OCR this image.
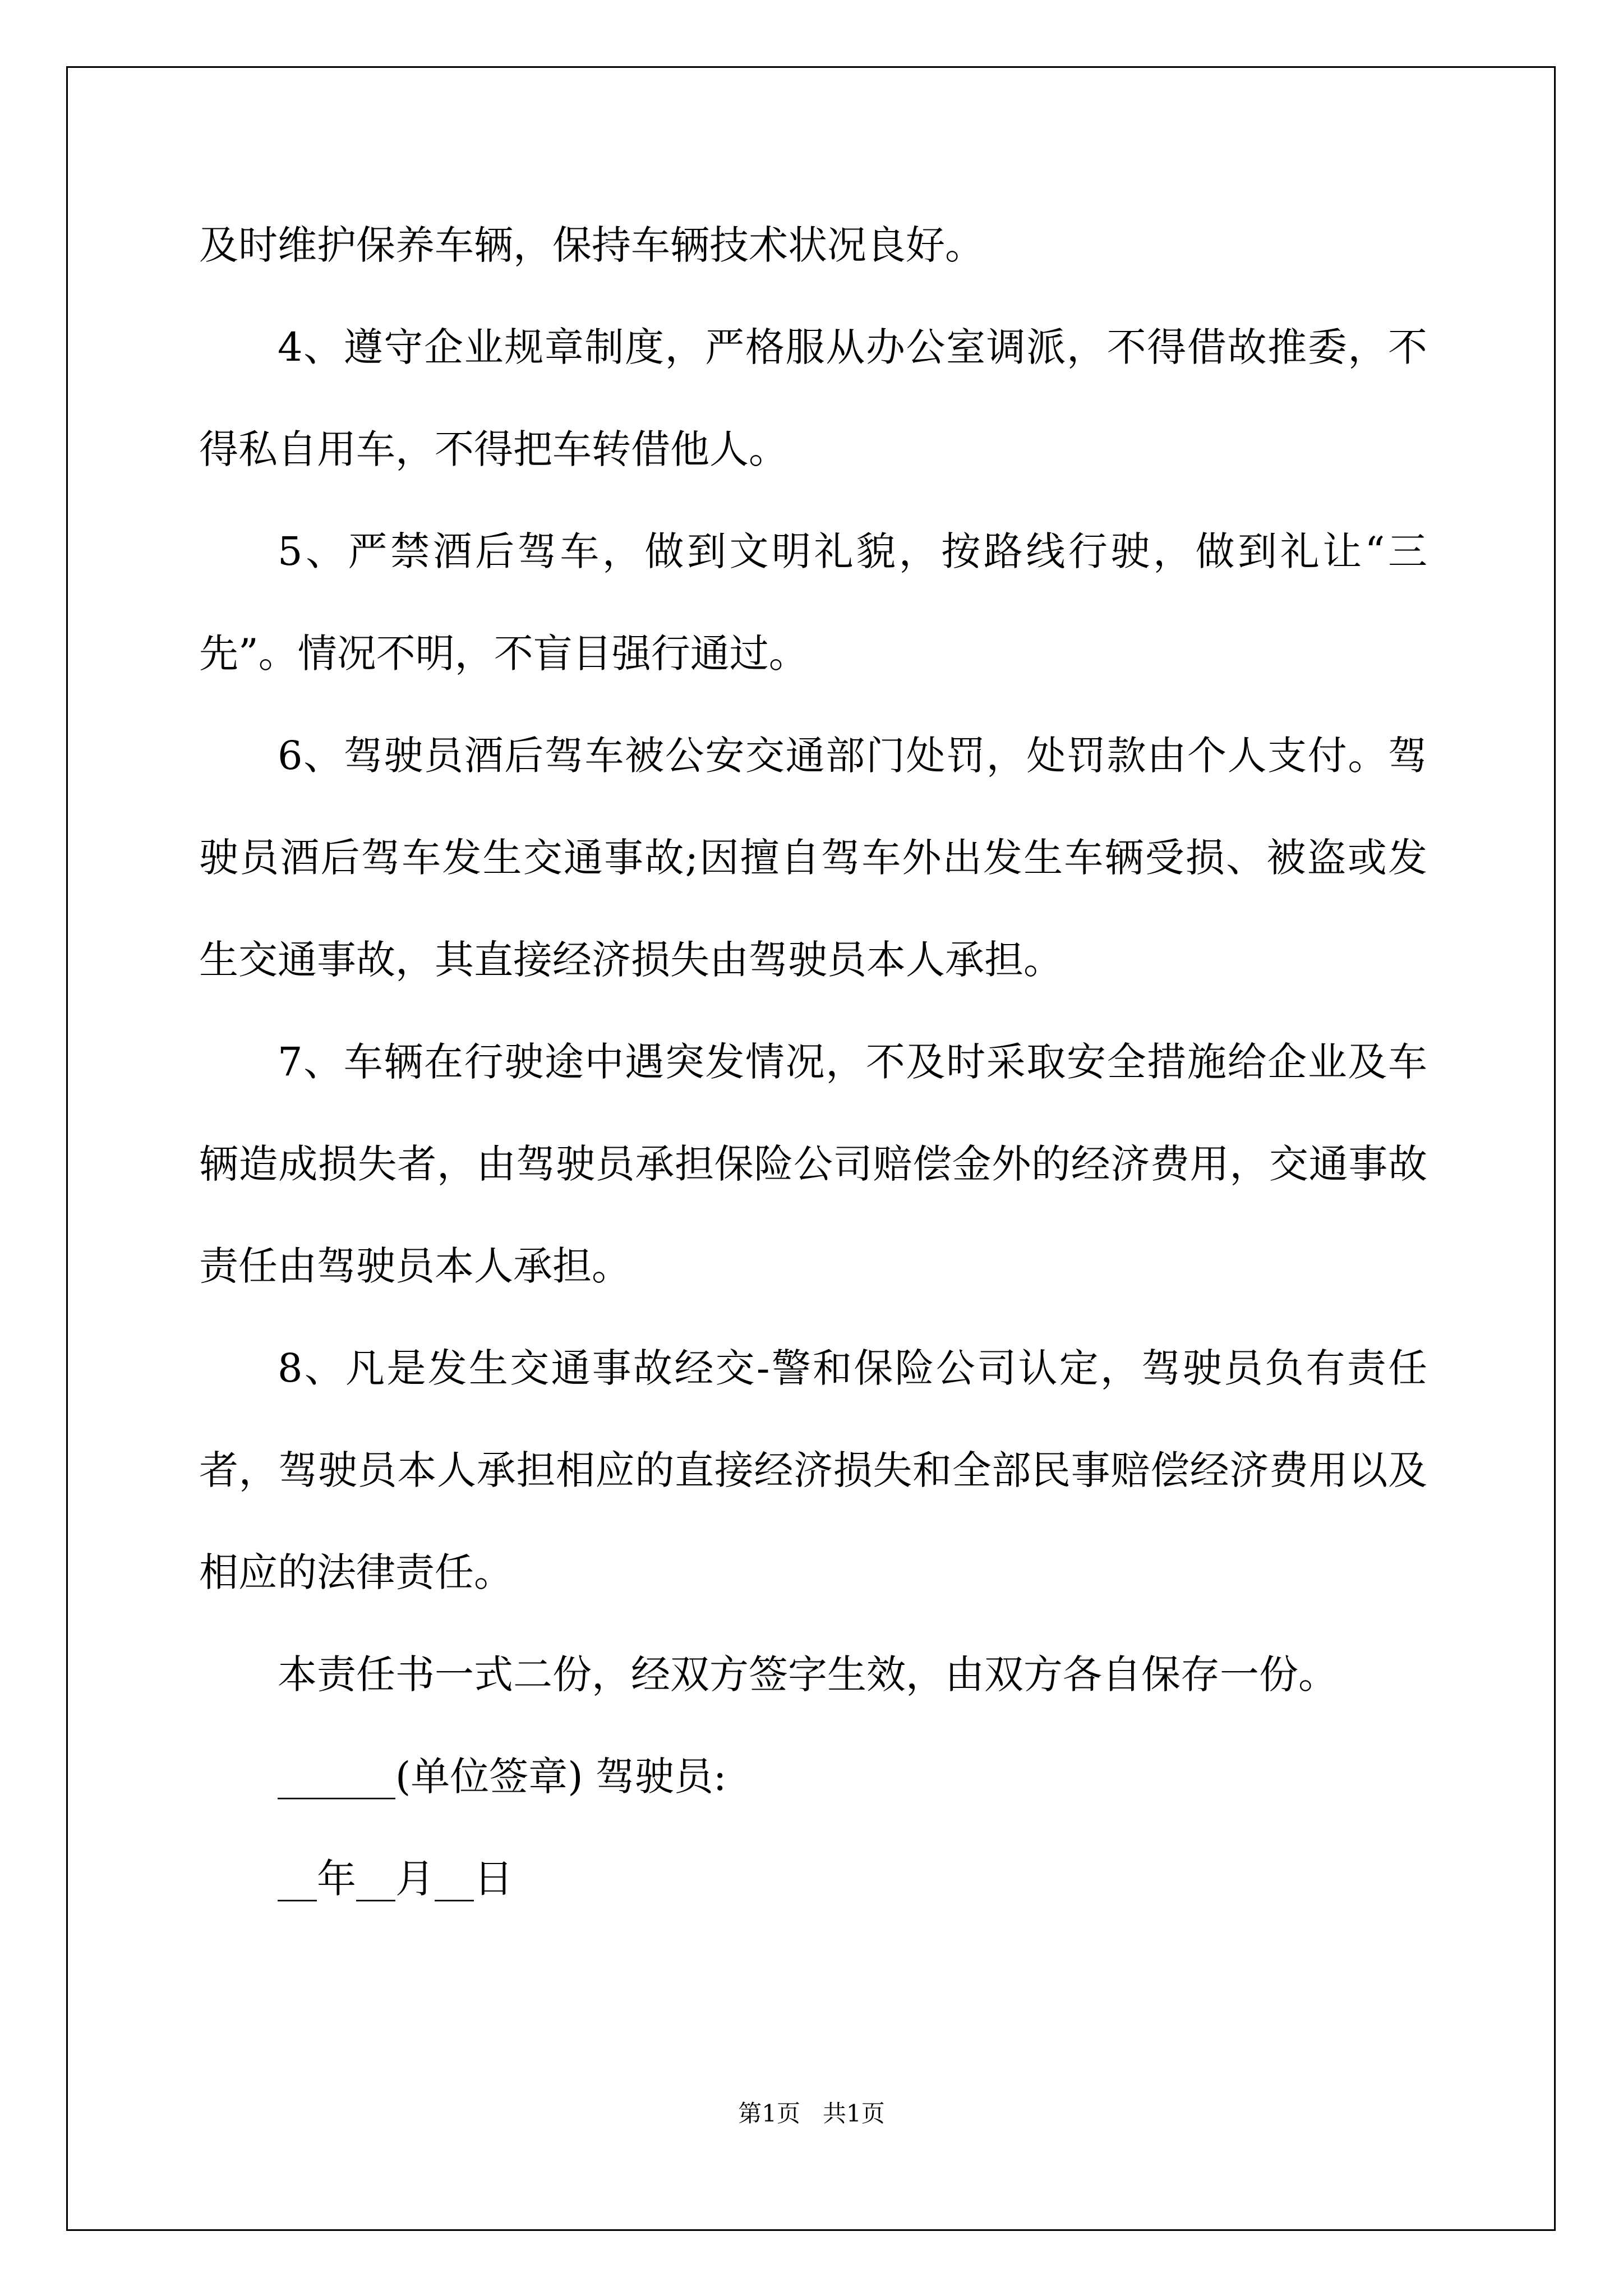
及时维护保养车辆，保持车辆技术状况良好。

4、遵守企业规章制度，严格服从办公室调派，不得借故推委，不得私自用车，不得把车转借他人。

5、严禁酒后驾车，做到文明礼貌，按路线行驶，做到礼让“三先”。情况不明，不盲目强行通过。

6、驾驶员酒后驾车被公安交通部门处罚，处罚款由个人支付。驾驶员酒后驾车发生交通事故;因擅自驾车外出发生车辆受损、被盗或发生交通事故，其直接经济损失由驾驶员本人承担。

7、车辆在行驶途中遇突发情况，不及时采取安全措施给企业及车辆造成损失者，由驾驶员承担保险公司赔偿金外的经济费用，交通事故责任由驾驶员本人承担。

8、凡是发生交通事故经交-警和保险公司认定，驾驶员负有责任者，驾驶员本人承担相应的直接经济损失和全部民事赔偿经济费用以及相应的法律责任。

本责任书一式二份，经双方签字生效，由双方各自保存一份。

______(单位签章) 驾驶员:

__年__月__日

第1页   共1页
